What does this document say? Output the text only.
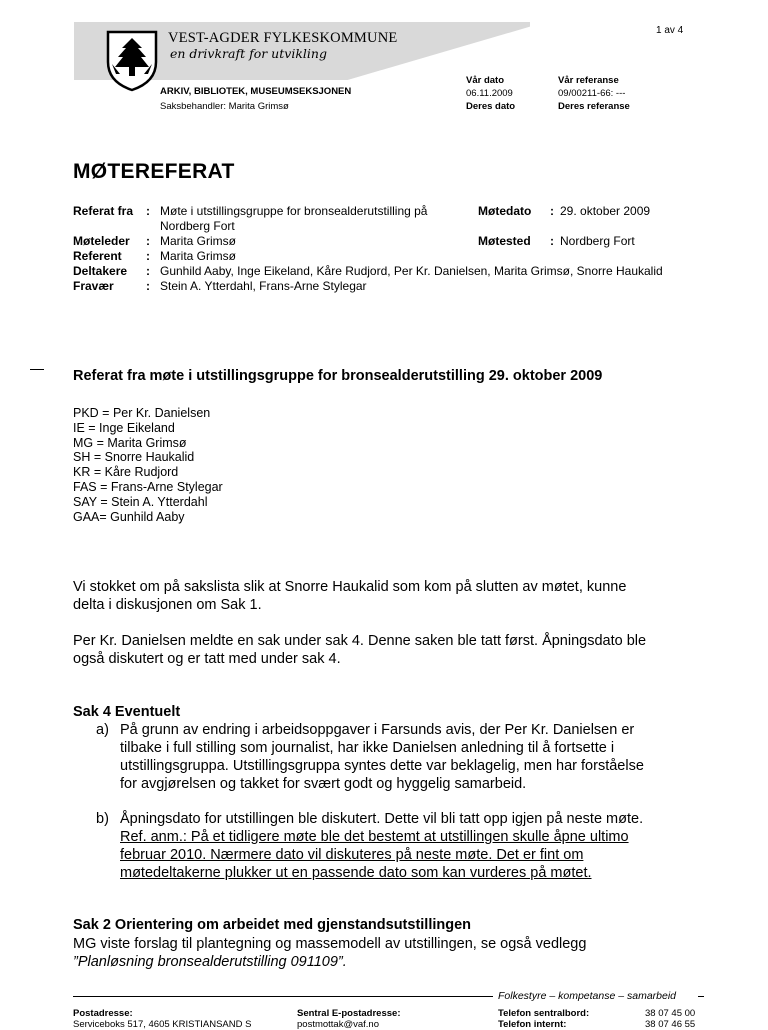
VEST-AGDER FYLKESKOMMUNE
en drivkraft for utvikling
1 av 4
ARKIV, BIBLIOTEK, MUSEUMSEKSJONEN
Saksbehandler: Marita Grimsø
Vår dato
06.11.2009
Deres dato
Vår referanse
09/00211-66: ---
Deres referanse
MØTEREFERAT
Referat fra : Møte i utstillingsgruppe for bronsealderutstilling på
Nordberg Fort
Møtedato : 29. oktober 2009
Møteleder : Marita Grimsø	Møtested : Nordberg Fort
Referent : Marita Grimsø
Deltakere : Gunhild Aaby, Inge Eikeland, Kåre Rudjord, Per Kr. Danielsen, Marita Grimsø, Snorre Haukalid
Fravær	: Stein A. Ytterdahl, Frans-Arne Stylegar
Referat fra møte i utstillingsgruppe for bronsealderutstilling 29. oktober 2009
PKD = Per Kr. Danielsen
IE = Inge Eikeland
MG = Marita Grimsø
SH = Snorre Haukalid
KR = Kåre Rudjord
FAS = Frans-Arne Stylegar
SAY = Stein A. Ytterdahl
GAA= Gunhild Aaby
Vi stokket om på sakslista slik at Snorre Haukalid som kom på slutten av møtet, kunne
delta i diskusjonen om Sak 1.
Per Kr. Danielsen meldte en sak under sak 4. Denne saken ble tatt først. Åpningsdato ble
også diskutert og er tatt med under sak 4.
Sak 4 Eventuelt
a) På grunn av endring i arbeidsoppgaver i Farsunds avis, der Per Kr. Danielsen er
tilbake i full stilling som journalist, har ikke Danielsen anledning til å fortsette i
utstillingsgruppa. Utstillingsgruppa syntes dette var beklagelig, men har forståelse
for avgjørelsen og takket for svært godt og hyggelig samarbeid.
b) Åpningsdato for utstillingen ble diskutert. Dette vil bli tatt opp igjen på neste møte.
Ref. anm.: På et tidligere møte ble det bestemt at utstillingen skulle åpne ultimo
februar 2010. Nærmere dato vil diskuteres på neste møte. Det er fint om
møtedeltakerne plukker ut en passende dato som kan vurderes på møtet.
Sak 2 Orientering om arbeidet med gjenstandsutstillingen
MG viste forslag til plantegning og massemodell av utstillingen, se også vedlegg
”Planløsning bronsealderutstilling 091109”.
Folkestyre – kompetanse – samarbeid
Postadresse:
Serviceboks 517, 4605 KRISTIANSAND S
Sentral E-postadresse:
postmottak@vaf.no
Telefon sentralbord:	38 07 45 00
Telefon internt:	38 07 46 55
